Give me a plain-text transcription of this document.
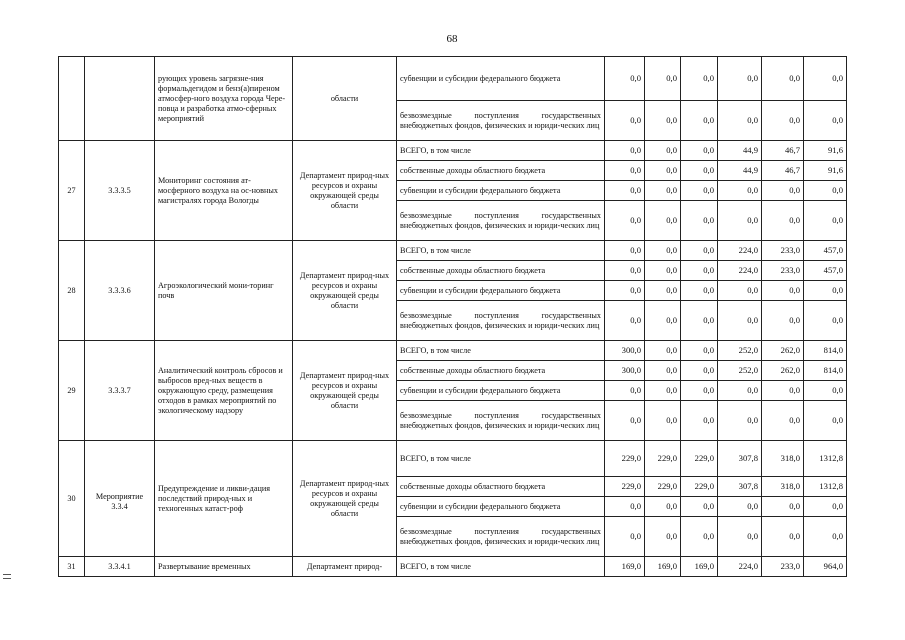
68
		рующих уровень загрязне-ния формальдегидом и бенз(а)пиреном атмосфер-ного воздуха города Чере-повца и разработка атмо-сферных мероприятий	области	субвенции и субсидии федерального бюджета	0,0	0,0	0,0	0,0	0,0	0,0
				безвозмездные поступления государственных внебюджетных фондов, физических и юриди-ческих лиц	0,0	0,0	0,0	0,0	0,0	0,0
27	3.3.3.5	Мониторинг состояния ат-мосферного воздуха на ос-новных магистралях города Вологды	Департамент природ-ных ресурсов и охраны окружающей среды области	ВСЕГО, в том числе	0,0	0,0	0,0	44,9	46,7	91,6
				собственные доходы областного бюджета	0,0	0,0	0,0	44,9	46,7	91,6
				субвенции и субсидии федерального бюджета	0,0	0,0	0,0	0,0	0,0	0,0
				безвозмездные поступления государственных внебюджетных фондов, физических и юриди-ческих лиц	0,0	0,0	0,0	0,0	0,0	0,0
28	3.3.3.6	Агроэкологический мони-торинг почв	Департамент природ-ных ресурсов и охраны окружающей среды области	ВСЕГО, в том числе	0,0	0,0	0,0	224,0	233,0	457,0
				собственные доходы областного бюджета	0,0	0,0	0,0	224,0	233,0	457,0
				субвенции и субсидии федерального бюджета	0,0	0,0	0,0	0,0	0,0	0,0
				безвозмездные поступления государственных внебюджетных фондов, физических и юриди-ческих лиц	0,0	0,0	0,0	0,0	0,0	0,0
29	3.3.3.7	Аналитический контроль сбросов и выбросов вред-ных веществ в окружающую среду, размещения отходов в рамках мероприятий по экологическому надзору	Департамент природ-ных ресурсов и охраны окружающей среды области	ВСЕГО, в том числе	300,0	0,0	0,0	252,0	262,0	814,0
				собственные доходы областного бюджета	300,0	0,0	0,0	252,0	262,0	814,0
				субвенции и субсидии федерального бюджета	0,0	0,0	0,0	0,0	0,0	0,0
				безвозмездные поступления государственных внебюджетных фондов, физических и юриди-ческих лиц	0,0	0,0	0,0	0,0	0,0	0,0
30	Мероприятие 3.3.4	Предупреждение и ликви-дация последствий природ-ных и техногенных катаст-роф	Департамент природ-ных ресурсов и охраны окружающей среды области	ВСЕГО, в том числе	229,0	229,0	229,0	307,8	318,0	1312,8
				собственные доходы областного бюджета	229,0	229,0	229,0	307,8	318,0	1312,8
				субвенции и субсидии федерального бюджета	0,0	0,0	0,0	0,0	0,0	0,0
				безвозмездные поступления государственных внебюджетных фондов, физических и юриди-ческих лиц	0,0	0,0	0,0	0,0	0,0	0,0
31	3.3.4.1	Развертывание временных	Департамент природ-	ВСЕГО, в том числе	169,0	169,0	169,0	224,0	233,0	964,0
